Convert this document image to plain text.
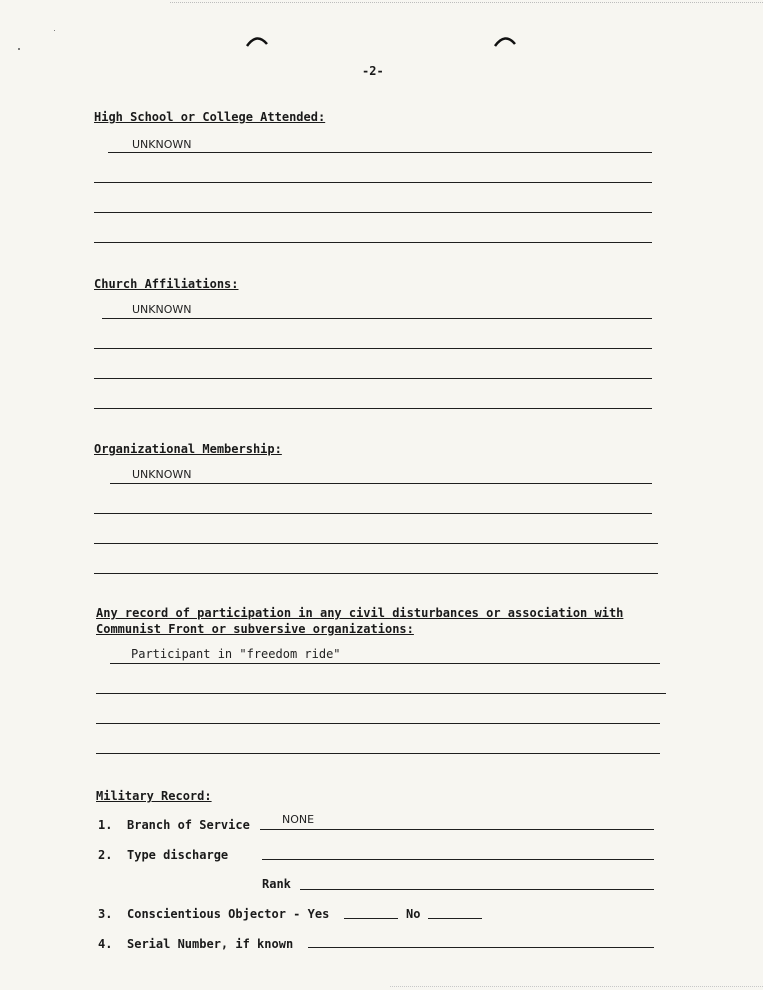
-2-
High School or College Attended:
UNKNOWN
Church Affiliations:
UNKNOWN
Organizational Membership:
UNKNOWN
Any record of participation in any civil disturbances or association with
Communist Front or subversive organizations:
Participant in "freedom ride"
Military Record:
1. Branch of Service	NONE
2. Type discharge
Rank
3. Conscientious Objector - Yes	No
4. Serial Number, if known
